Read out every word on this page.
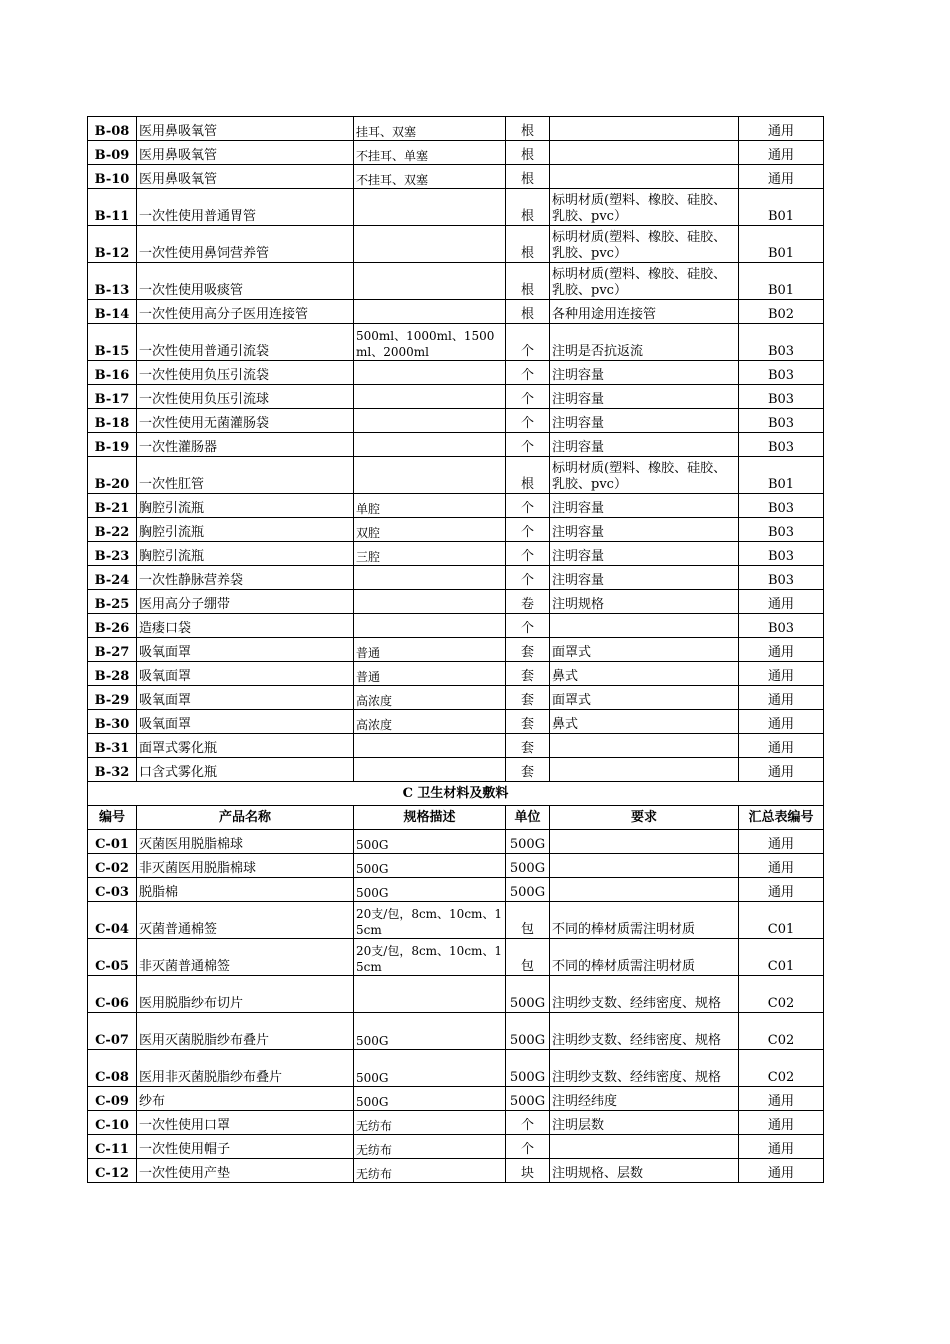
B-08	医用鼻吸氧管	挂耳、双塞	根		通用
B-09	医用鼻吸氧管	不挂耳、单塞	根		通用
B-10	医用鼻吸氧管	不挂耳、双塞	根		通用
B-11	一次性使用普通胃管		根	标明材质(塑料、橡胶、硅胶、乳胶、pvc）	B01
B-12	一次性使用鼻饲营养管		根	标明材质(塑料、橡胶、硅胶、乳胶、pvc）	B01
B-13	一次性使用吸痰管		根	标明材质(塑料、橡胶、硅胶、乳胶、pvc）	B01
B-14	一次性使用高分子医用连接管		根	各种用途用连接管	B02
B-15	一次性使用普通引流袋	500ml、1000ml、1500ml、2000ml	个	注明是否抗返流	B03
B-16	一次性使用负压引流袋		个	注明容量	B03
B-17	一次性使用负压引流球		个	注明容量	B03
B-18	一次性使用无菌灌肠袋		个	注明容量	B03
B-19	一次性灌肠器		个	注明容量	B03
B-20	一次性肛管		根	标明材质(塑料、橡胶、硅胶、乳胶、pvc）	B01
B-21	胸腔引流瓶	单腔	个	注明容量	B03
B-22	胸腔引流瓶	双腔	个	注明容量	B03
B-23	胸腔引流瓶	三腔	个	注明容量	B03
B-24	一次性静脉营养袋		个	注明容量	B03
B-25	医用高分子绷带		卷	注明规格	通用
B-26	造瘘口袋		个		B03
B-27	吸氧面罩	普通	套	面罩式	通用
B-28	吸氧面罩	普通	套	鼻式	通用
B-29	吸氧面罩	高浓度	套	面罩式	通用
B-30	吸氧面罩	高浓度	套	鼻式	通用
B-31	面罩式雾化瓶		套		通用
B-32	口含式雾化瓶		套		通用
C 卫生材料及敷料					
编号	产品名称	规格描述	单位	要求	汇总表编号
C-01	灭菌医用脱脂棉球	500G	500G		通用
C-02	非灭菌医用脱脂棉球	500G	500G		通用
C-03	脱脂棉	500G	500G		通用
C-04	灭菌普通棉签	20支/包，8cm、10cm、15cm	包	不同的棒材质需注明材质	C01
C-05	非灭菌普通棉签	20支/包，8cm、10cm、15cm	包	不同的棒材质需注明材质	C01
C-06	医用脱脂纱布切片		500G	注明纱支数、经纬密度、规格	C02
C-07	医用灭菌脱脂纱布叠片	500G	500G	注明纱支数、经纬密度、规格	C02
C-08	医用非灭菌脱脂纱布叠片	500G	500G	注明纱支数、经纬密度、规格	C02
C-09	纱布	500G	500G	注明经纬度	通用
C-10	一次性使用口罩	无纺布	个	注明层数	通用
C-11	一次性使用帽子	无纺布	个		通用
C-12	一次性使用产垫	无纺布	块	注明规格、层数	通用
